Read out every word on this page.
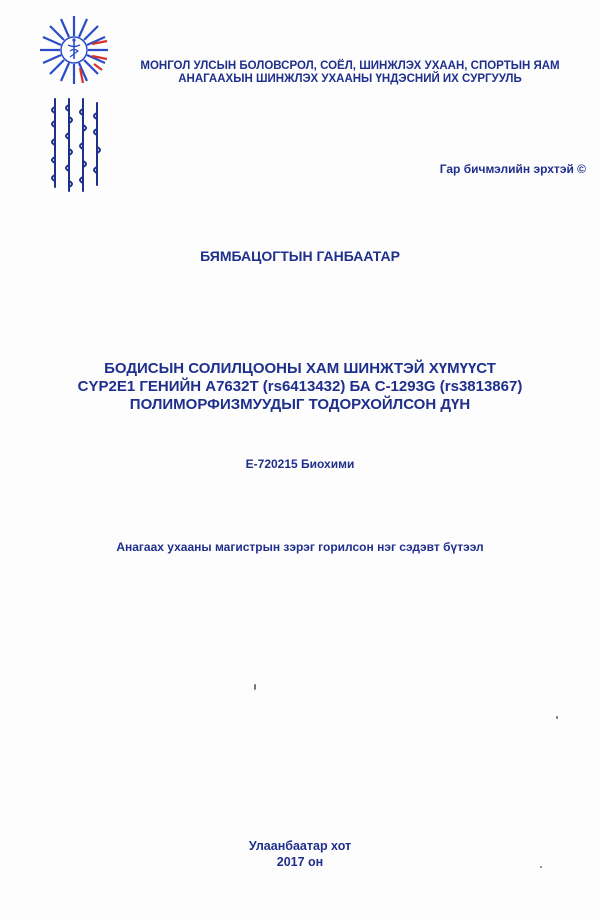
МОНГОЛ УЛСЫН БОЛОВСРОЛ, СОЁЛ, ШИНЖЛЭХ УХААН, СПОРТЫН ЯАМ
АНАГААХЫН ШИНЖЛЭХ УХААНЫ ҮНДЭСНИЙ ИХ СУРГУУЛЬ
Гар бичмэлийн эрхтэй ©
БЯМБАЦОГТЫН ГАНБААТАР
БОДИСЫН СОЛИЛЦООНЫ ХАМ ШИНЖТЭЙ ХҮМҮҮСТ
CYP2E1 ГЕНИЙН A7632T (rs6413432) БА C-1293G (rs3813867)
ПОЛИМОРФИЗМУУДЫГ ТОДОРХОЙЛСОН ДҮН
E-720215 Биохими
Анагаах ухааны магистрын зэрэг горилсон нэг сэдэвт бүтээл
Улаанбаатар хот
2017 он
